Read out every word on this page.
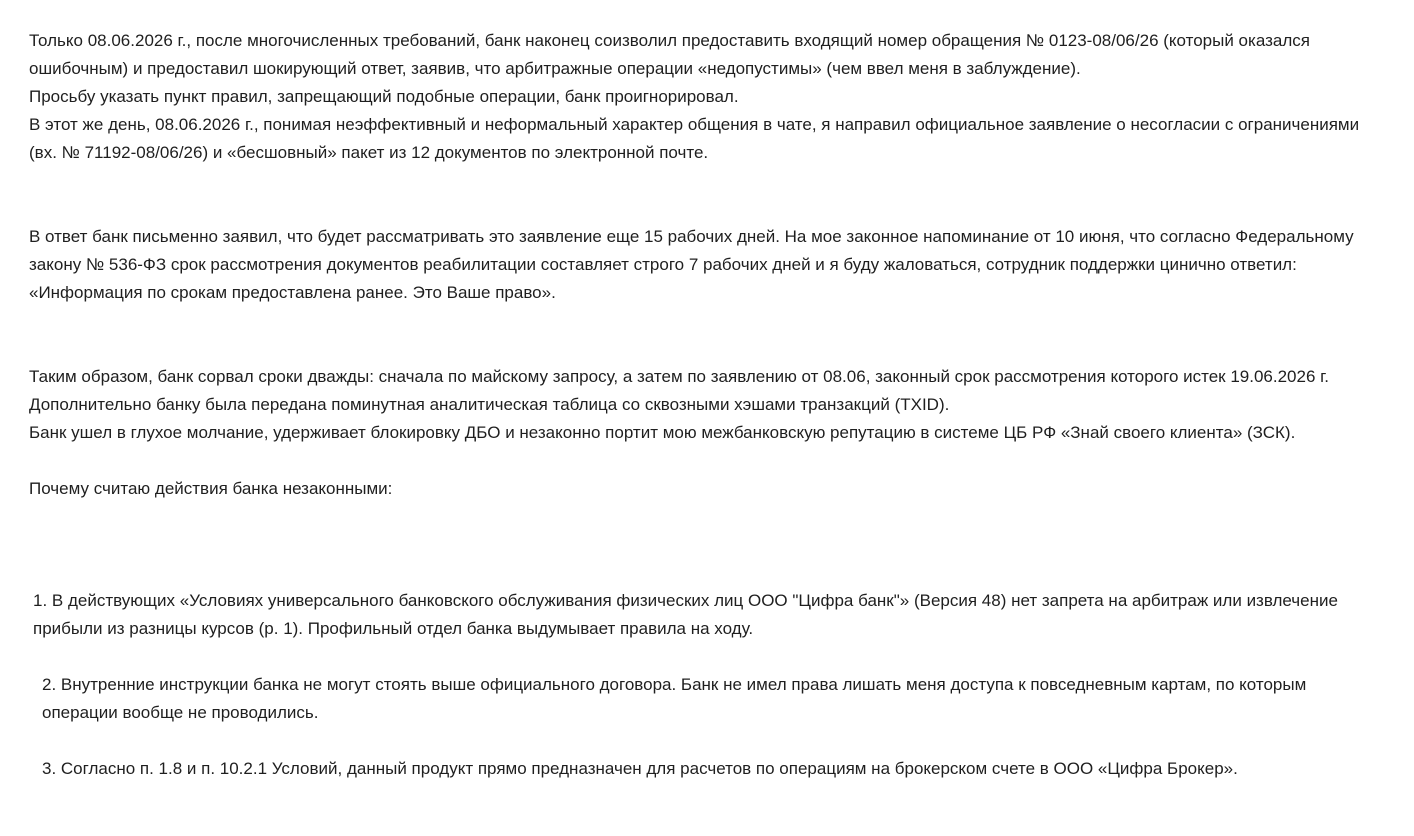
Только 08.06.2026 г., после многочисленных требований, банк наконец соизволил предоставить входящий номер обращения № 0123-08/06/26 (который оказался ошибочным) и предоставил шокирующий ответ, заявив, что арбитражные операции «недопустимы» (чем ввел меня в заблуждение).
Просьбу указать пункт правил, запрещающий подобные операции, банк проигнорировал.
В этот же день, 08.06.2026 г., понимая неэффективный и неформальный характер общения в чате, я направил официальное заявление о несогласии с ограничениями (вх. № 71192-08/06/26) и «бесшовный» пакет из 12 документов по электронной почте.

В ответ банк письменно заявил, что будет рассматривать это заявление еще 15 рабочих дней. На мое законное напоминание от 10 июня, что согласно Федеральному закону № 536-ФЗ срок рассмотрения документов реабилитации составляет строго 7 рабочих дней и я буду жаловаться, сотрудник поддержки цинично ответил: «Информация по срокам предоставлена ранее. Это Ваше право».

Таким образом, банк сорвал сроки дважды: сначала по майскому запросу, а затем по заявлению от 08.06, законный срок рассмотрения которого истек 19.06.2026 г. Дополнительно банку была передана поминутная аналитическая таблица со сквозными хэшами транзакций (TXID).
Банк ушел в глухое молчание, удерживает блокировку ДБО и незаконно портит мою межбанковскую репутацию в системе ЦБ РФ «Знай своего клиента» (ЗСК).

Почему считаю действия банка незаконными:

1. В действующих «Условиях универсального банковского обслуживания физических лиц ООО "Цифра банк"» (Версия 48) нет запрета на арбитраж или извлечение прибыли из разницы курсов (р. 1). Профильный отдел банка выдумывает правила на ходу.

2. Внутренние инструкции банка не могут стоять выше официального договора. Банк не имел права лишать меня доступа к повседневным картам, по которым операции вообще не проводились.

3. Согласно п. 1.8 и п. 10.2.1 Условий, данный продукт прямо предназначен для расчетов по операциям на брокерском счете в ООО «Цифра Брокер».
